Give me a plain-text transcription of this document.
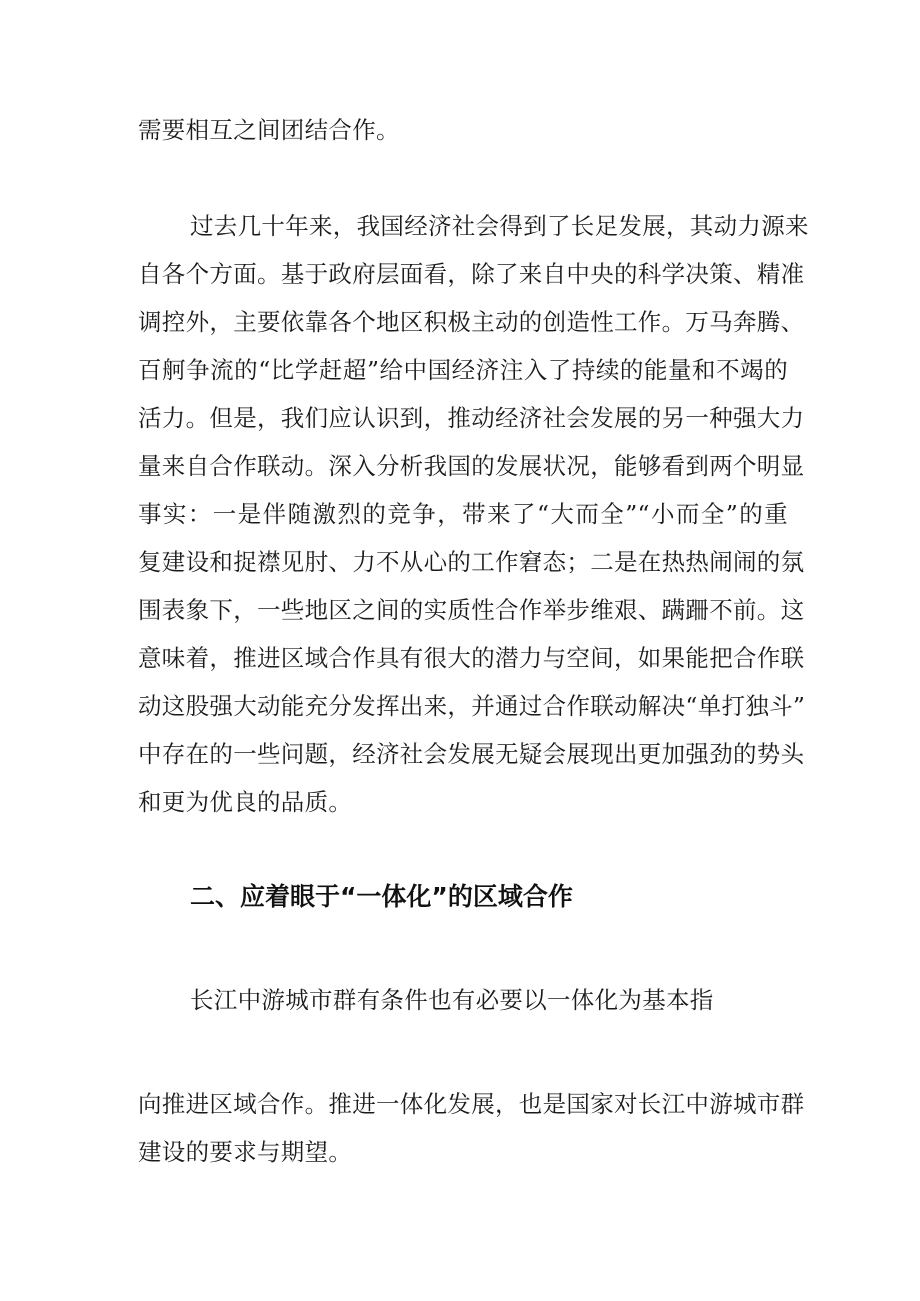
需要相互之间团结合作。
过去几十年来，我国经济社会得到了长足发展，其动力源来
自各个方面。基于政府层面看，除了来自中央的科学决策、精准
调控外，主要依靠各个地区积极主动的创造性工作。万马奔腾、
百舸争流的“比学赶超”给中国经济注入了持续的能量和不竭的
活力。但是，我们应认识到，推动经济社会发展的另一种强大力
量来自合作联动。深入分析我国的发展状况，能够看到两个明显
事实：一是伴随激烈的竞争，带来了“大而全”“小而全”的重
复建设和捉襟见肘、力不从心的工作窘态；二是在热热闹闹的氛
围表象下，一些地区之间的实质性合作举步维艰、蹒跚不前。这
意味着，推进区域合作具有很大的潜力与空间，如果能把合作联
动这股强大动能充分发挥出来，并通过合作联动解决“单打独斗”
中存在的一些问题，经济社会发展无疑会展现出更加强劲的势头
和更为优良的品质。
二、应着眼于“一体化”的区域合作
长江中游城市群有条件也有必要以一体化为基本指
向推进区域合作。推进一体化发展，也是国家对长江中游城市群
建设的要求与期望。
